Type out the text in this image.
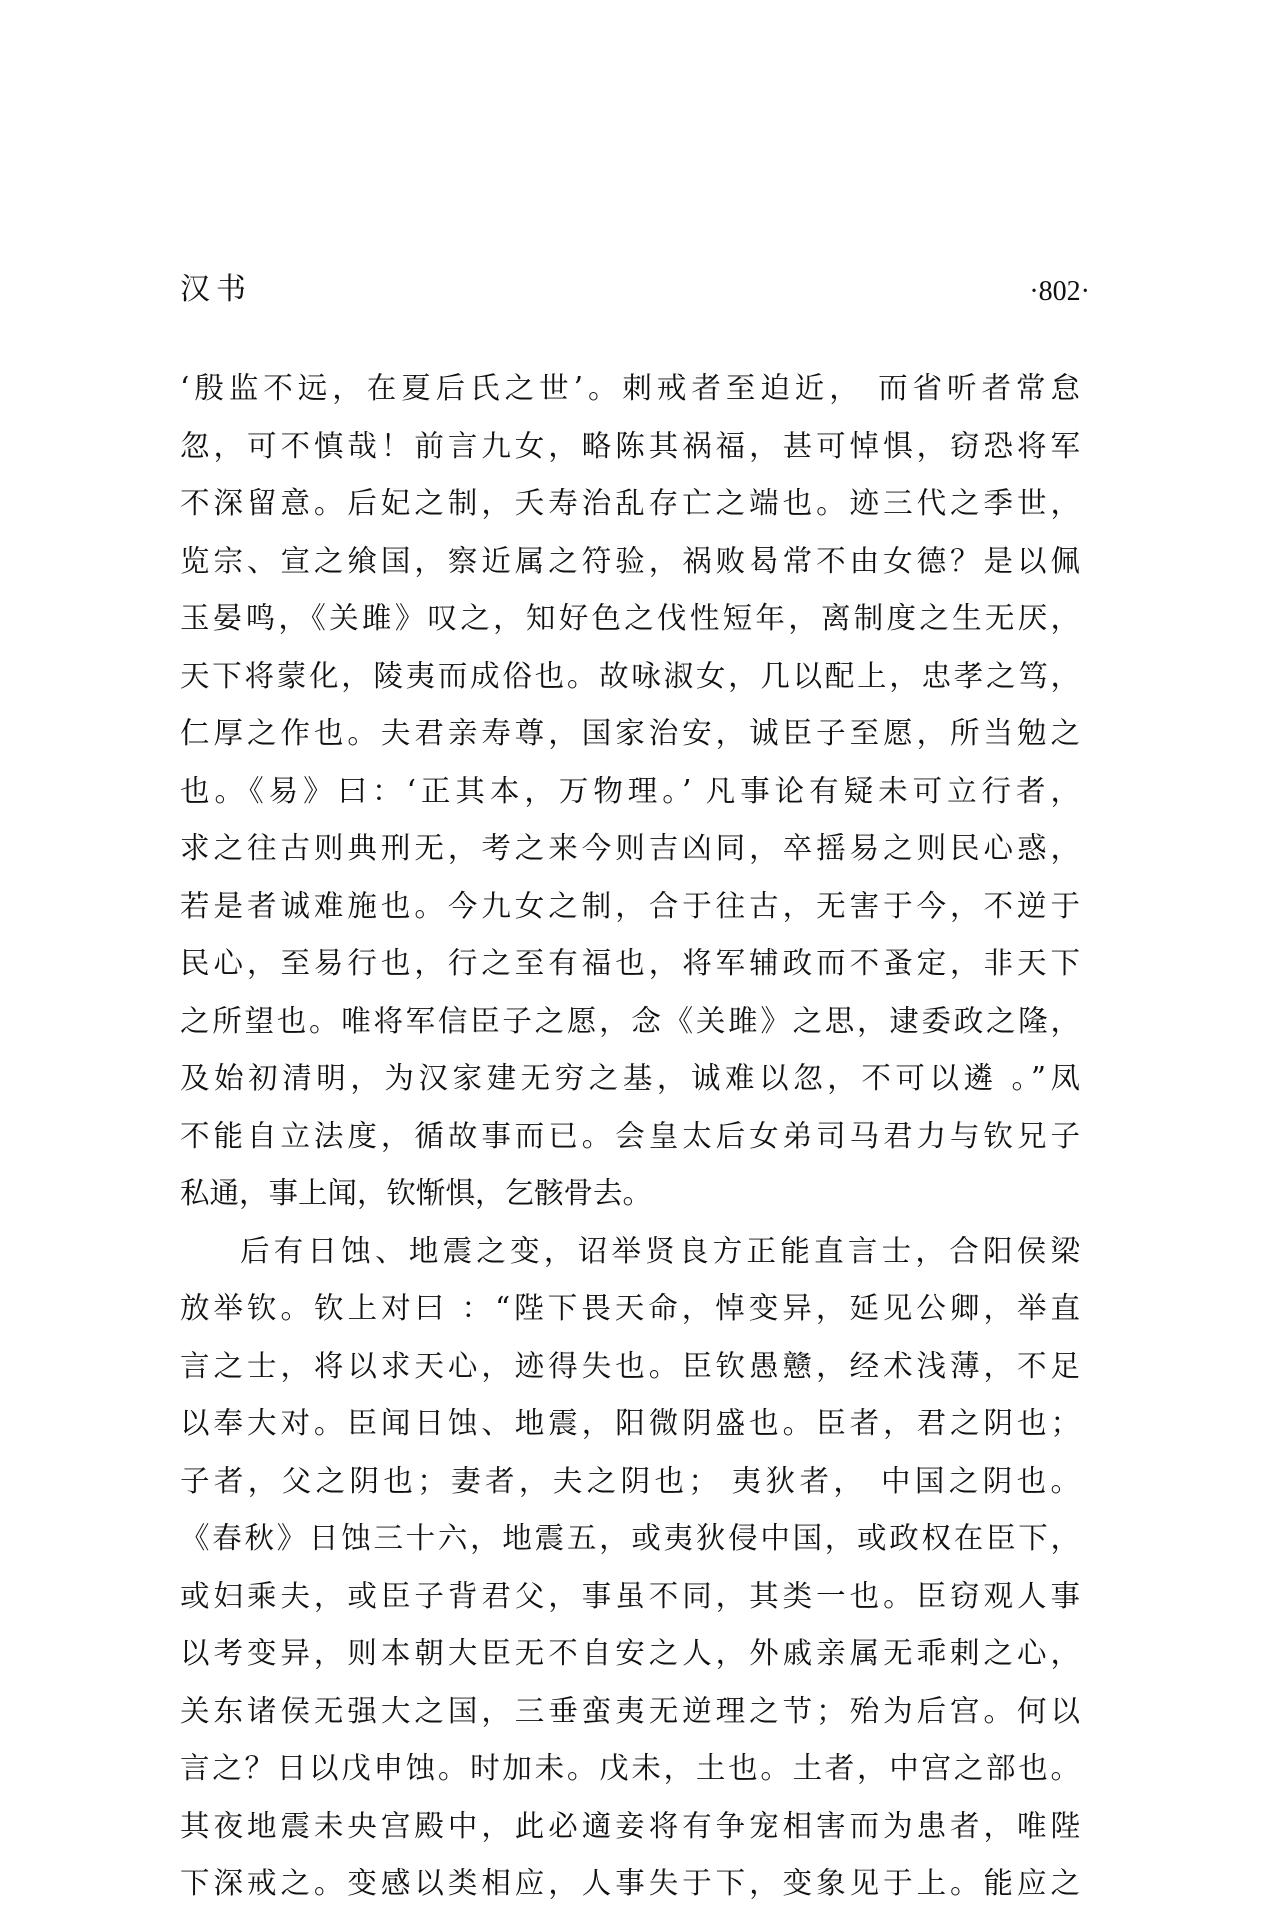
汉书	·802·
‘殷监不远，在夏后氏之世’。刺戒者至迫近， 而省听者常怠
忽，可不慎哉！前言九女，略陈其祸福，甚可悼惧，窃恐将军
不深留意。后妃之制，夭寿治乱存亡之端也。迹三代之季世，
览宗、宣之飨国，察近属之符验，祸败曷常不由女德？是以佩
玉晏鸣，《关雎》叹之，知好色之伐性短年，离制度之生无厌，
天下将蒙化，陵夷而成俗也。故咏淑女，几以配上，忠孝之笃，
仁厚之作也。夫君亲寿尊，国家治安，诚臣子至愿，所当勉之
也。《易》曰：‘正其本，万物理。’ 凡事论有疑未可立行者，
求之往古则典刑无，考之来今则吉凶同，卒摇易之则民心惑，
若是者诚难施也。今九女之制，合于往古，无害于今，不逆于
民心，至易行也，行之至有福也，将军辅政而不蚤定，非天下
之所望也。唯将军信臣子之愿，念《关雎》之思，逮委政之隆，
及始初清明，为汉家建无穷之基，诚难以忽，不可以遴 。”凤
不能自立法度，循故事而已。会皇太后女弟司马君力与钦兄子
私通，事上闻，钦惭惧，乞骸骨去。
后有日蚀、地震之变，诏举贤良方正能直言士，合阳侯梁
放举钦。钦上对曰 ：“陛下畏天命，悼变异，延见公卿，举直
言之士，将以求天心，迹得失也。臣钦愚戆，经术浅薄，不足
以奉大对。臣闻日蚀、地震，阳微阴盛也。臣者，君之阴也；
子者，父之阴也；妻者，夫之阴也； 夷狄者， 中国之阴也。
《春秋》日蚀三十六，地震五，或夷狄侵中国，或政权在臣下，
或妇乘夫，或臣子背君父，事虽不同，其类一也。臣窃观人事
以考变异，则本朝大臣无不自安之人，外戚亲属无乖剌之心，
关东诸侯无强大之国，三垂蛮夷无逆理之节；殆为后宫。何以
言之？日以戊申蚀。时加未。戊未，土也。土者，中宫之部也。
其夜地震未央宫殿中，此必適妾将有争宠相害而为患者，唯陛
下深戒之。变感以类相应，人事失于下，变象见于上。能应之
